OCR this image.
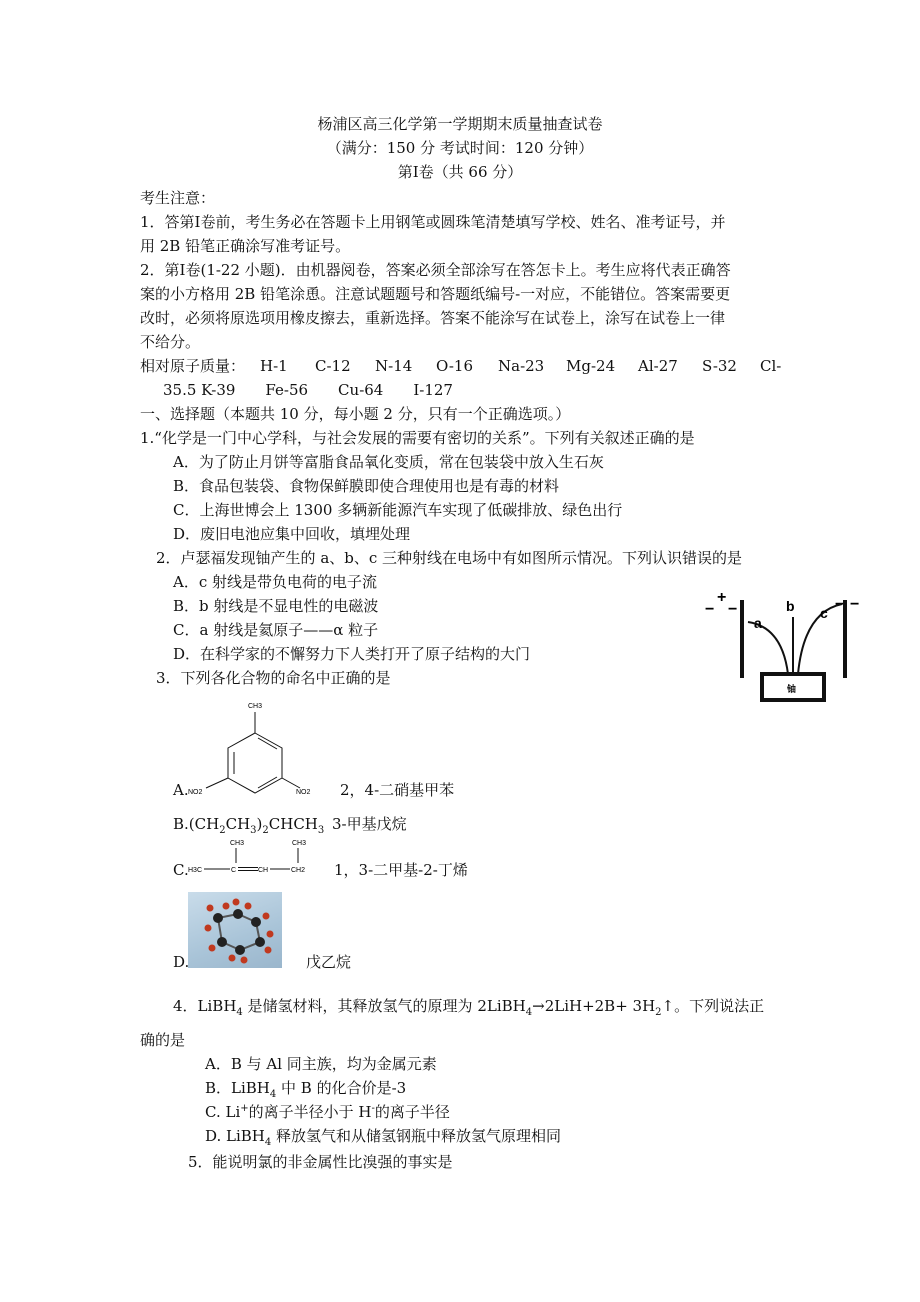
杨浦区高三化学第一学期期末质量抽查试卷
（满分：150 分 考试时间：120 分钟）
第Ⅰ卷（共 66 分）
考生注意：
1．答第Ⅰ卷前，考生务必在答题卡上用钢笔或圆珠笔清楚填写学校、姓名、准考证号，并
用 2B 铅笔正确涂写准考证号。
2．第Ⅰ卷(1-22 小题)．由机器阅卷，答案必须全部涂写在答怎卡上。考生应将代表正确答
案的小方格用 2B 铅笔涂恿。注意试题题号和答题纸编号-一对应，不能错位。答案需要更
改时，必须将原选项用橡皮擦去，重新选择。答案不能涂写在试卷上，涂写在试卷上一律
不给分。
相对原子质量： H-1 C-12 N-14 O-16 Na-23 Mg-24 Al-27 S-32 Cl-
35.5 K-39　　Fe-56　　Cu-64　　I-127
一、选择题（本题共 10 分，每小题 2 分，只有一个正确选项。）
1.“化学是一门中心学科，与社会发展的需要有密切的关系”。下列有关叙述正确的是
A．为了防止月饼等富脂食品氧化变质，常在包装袋中放入生石灰
B．食品包装袋、食物保鲜膜即使合理使用也是有毒的材料
C．上海世博会上 1300 多辆新能源汽车实现了低碳排放、绿色出行
D．废旧电池应集中回收，填埋处理
2．卢瑟福发现铀产生的 a、b、c 三种射线在电场中有如图所示情况。下列认识错误的是
A．c 射线是带负电荷的电子流
B．b 射线是不显电性的电磁波
C．a 射线是氦原子——α 粒子
D．在科学家的不懈努力下人类打开了原子结构的大门
+
− −	− −
a
b c
铀
3．下列各化合物的命名中正确的是
CH3
NO2	NO2
A.	2，4-二硝基甲苯
$B.(CH_2CH_3)_2CHCH_3$ 3-甲基戊烷
C.
CH3	CH3
H3C	C	CH	CH2 1，3-二甲基-2-丁烯
D.	戊乙烷
4．LiBH$_4$ 是储氢材料，其释放氢气的原理为 2LiBH$_4$→2LiH+2B+ $3H_2↑$。下列说法正
确的是
A．B 与 Al 同主族，均为金属元素
B．LiBH$_4$ 中 B 的化合价是-3
C. Li+的离子半径小于 H-的离子半径
D. LiBH$_4$ 释放氢气和从储氢钢瓶中释放氢气原理相同
5．能说明氯的非金属性比溴强的事实是
